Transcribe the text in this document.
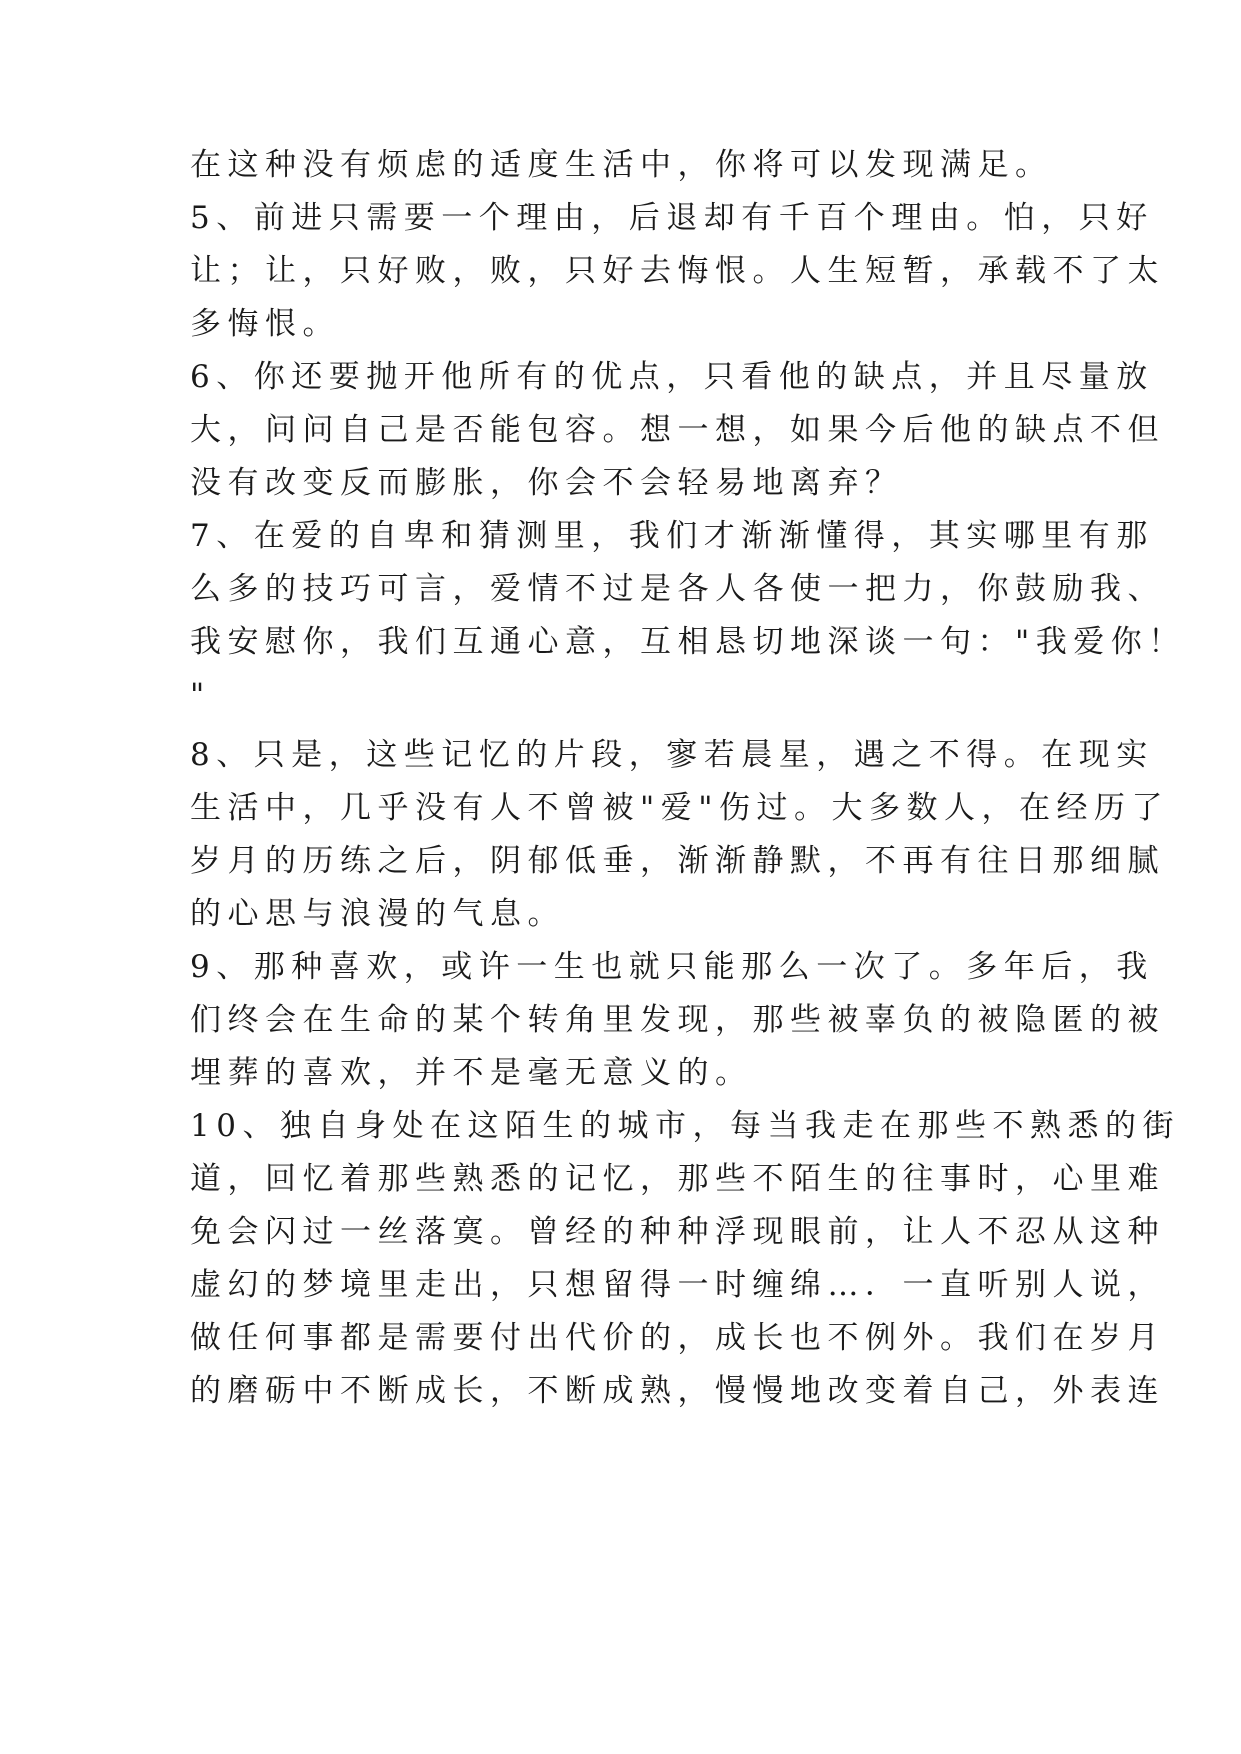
在这种没有烦虑的适度生活中，你将可以发现满足。
5、前进只需要一个理由，后退却有千百个理由。怕，只好
让；让，只好败，败，只好去悔恨。人生短暂，承载不了太
多悔恨。
6、你还要抛开他所有的优点，只看他的缺点，并且尽量放
大，问问自己是否能包容。想一想，如果今后他的缺点不但
没有改变反而膨胀，你会不会轻易地离弃？
7、在爱的自卑和猜测里，我们才渐渐懂得，其实哪里有那
么多的技巧可言，爱情不过是各人各使一把力，你鼓励我、
我安慰你，我们互通心意，互相恳切地深谈一句："我爱你！
"
8、只是，这些记忆的片段，寥若晨星，遇之不得。在现实
生活中，几乎没有人不曾被"爱"伤过。大多数人，在经历了
岁月的历练之后，阴郁低垂，渐渐静默，不再有往日那细腻
的心思与浪漫的气息。
9、那种喜欢，或许一生也就只能那么一次了。多年后，我
们终会在生命的某个转角里发现，那些被辜负的被隐匿的被
埋葬的喜欢，并不是毫无意义的。
10、独自身处在这陌生的城市，每当我走在那些不熟悉的街
道，回忆着那些熟悉的记忆，那些不陌生的往事时，心里难
免会闪过一丝落寞。曾经的种种浮现眼前，让人不忍从这种
虚幻的梦境里走出，只想留得一时缠绵…．一直听别人说，
做任何事都是需要付出代价的，成长也不例外。我们在岁月
的磨砺中不断成长，不断成熟，慢慢地改变着自己，外表连
